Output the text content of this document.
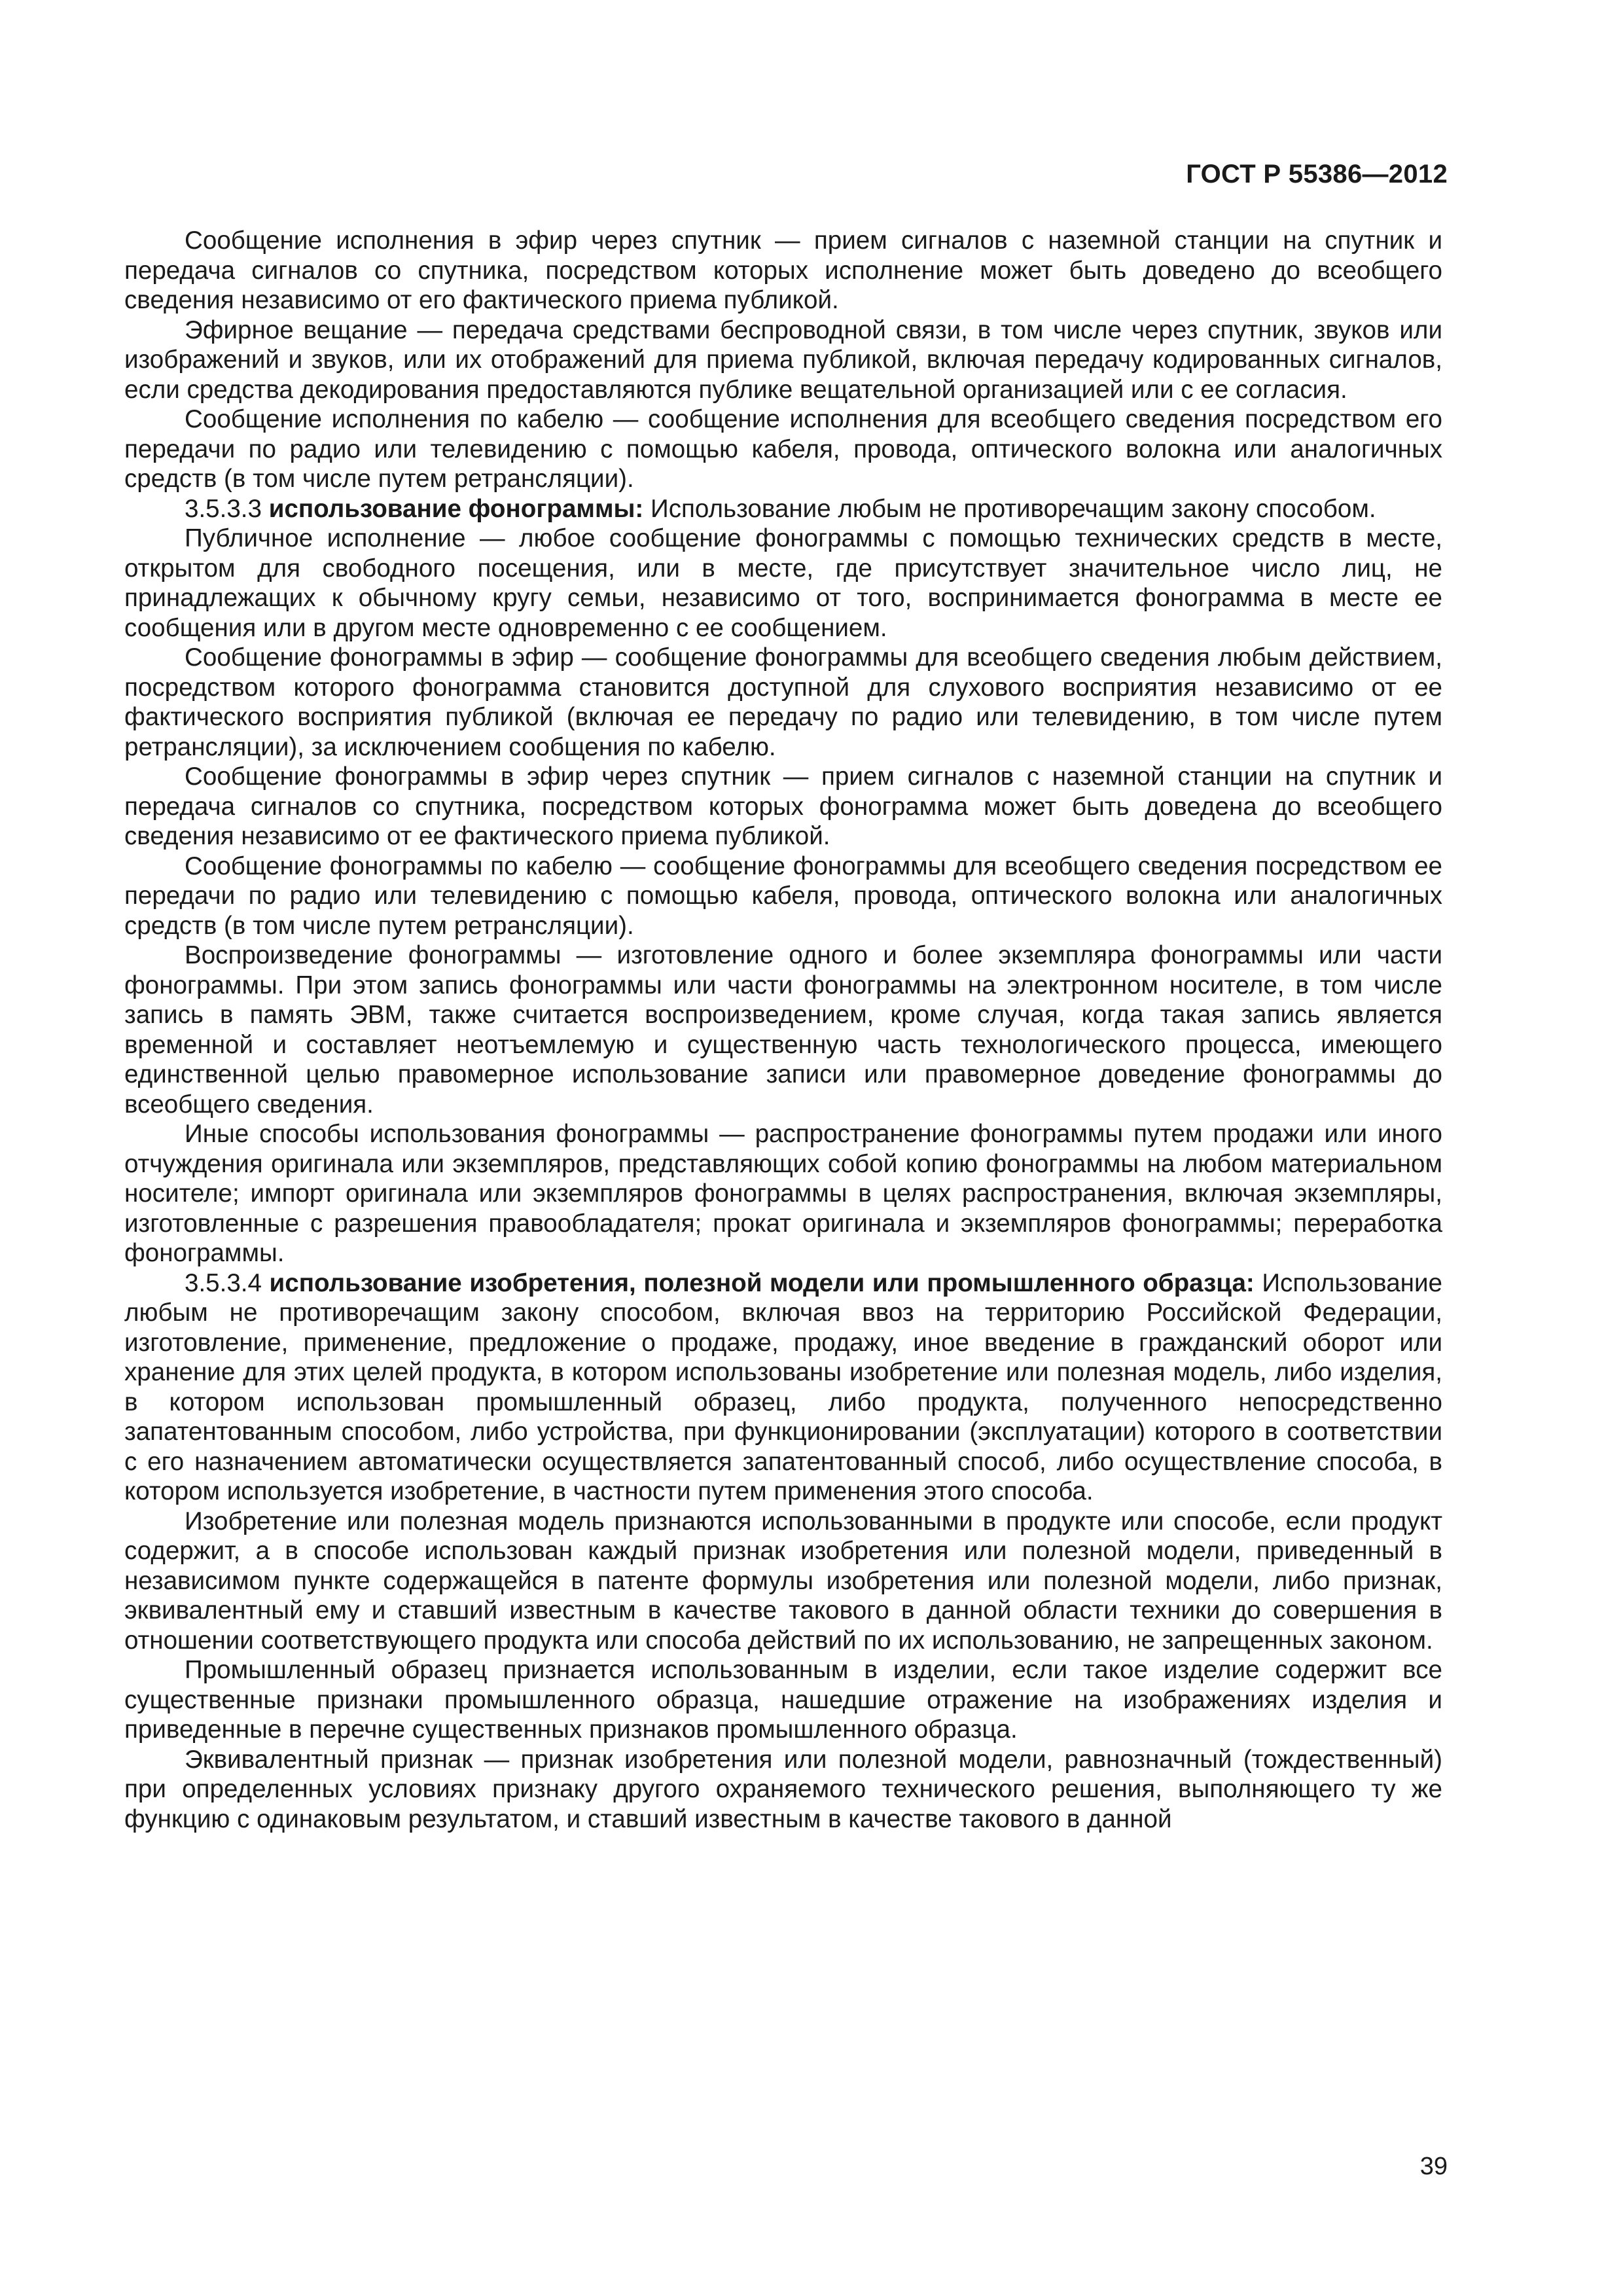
ГОСТ Р 55386—2012

Сообщение исполнения в эфир через спутник — прием сигналов с наземной станции на спутник и передача сигналов со спутника, посредством которых исполнение может быть доведено до всеобщего сведения независимо от его фактического приема публикой.

Эфирное вещание — передача средствами беспроводной связи, в том числе через спутник, звуков или изображений и звуков, или их отображений для приема публикой, включая передачу кодированных сигналов, если средства декодирования предоставляются публике вещательной организацией или с ее согласия.

Сообщение исполнения по кабелю — сообщение исполнения для всеобщего сведения посредством его передачи по радио или телевидению с помощью кабеля, провода, оптического волокна или аналогичных средств (в том числе путем ретрансляции).

3.5.3.3 использование фонограммы: Использование любым не противоречащим закону способом.

Публичное исполнение — любое сообщение фонограммы с помощью технических средств в месте, открытом для свободного посещения, или в месте, где присутствует значительное число лиц, не принадлежащих к обычному кругу семьи, независимо от того, воспринимается фонограмма в месте ее сообщения или в другом месте одновременно с ее сообщением.

Сообщение фонограммы в эфир — сообщение фонограммы для всеобщего сведения любым действием, посредством которого фонограмма становится доступной для слухового восприятия независимо от ее фактического восприятия публикой (включая ее передачу по радио или телевидению, в том числе путем ретрансляции), за исключением сообщения по кабелю.

Сообщение фонограммы в эфир через спутник — прием сигналов с наземной станции на спутник и передача сигналов со спутника, посредством которых фонограмма может быть доведена до всеобщего сведения независимо от ее фактического приема публикой.

Сообщение фонограммы по кабелю — сообщение фонограммы для всеобщего сведения посредством ее передачи по радио или телевидению с помощью кабеля, провода, оптического волокна или аналогичных средств (в том числе путем ретрансляции).

Воспроизведение фонограммы — изготовление одного и более экземпляра фонограммы или части фонограммы. При этом запись фонограммы или части фонограммы на электронном носителе, в том числе запись в память ЭВМ, также считается воспроизведением, кроме случая, когда такая запись является временной и составляет неотъемлемую и существенную часть технологического процесса, имеющего единственной целью правомерное использование записи или правомерное доведение фонограммы до всеобщего сведения.

Иные способы использования фонограммы — распространение фонограммы путем продажи или иного отчуждения оригинала или экземпляров, представляющих собой копию фонограммы на любом материальном носителе; импорт оригинала или экземпляров фонограммы в целях распространения, включая экземпляры, изготовленные с разрешения правообладателя; прокат оригинала и экземпляров фонограммы; переработка фонограммы.

3.5.3.4 использование изобретения, полезной модели или промышленного образца: Использование любым не противоречащим закону способом, включая ввоз на территорию Российской Федерации, изготовление, применение, предложение о продаже, продажу, иное введение в гражданский оборот или хранение для этих целей продукта, в котором использованы изобретение или полезная модель, либо изделия, в котором использован промышленный образец, либо продукта, полученного непосредственно запатентованным способом, либо устройства, при функционировании (эксплуатации) которого в соответствии с его назначением автоматически осуществляется запатентованный способ, либо осуществление способа, в котором используется изобретение, в частности путем применения этого способа.

Изобретение или полезная модель признаются использованными в продукте или способе, если продукт содержит, а в способе использован каждый признак изобретения или полезной модели, приведенный в независимом пункте содержащейся в патенте формулы изобретения или полезной модели, либо признак, эквивалентный ему и ставший известным в качестве такового в данной области техники до совершения в отношении соответствующего продукта или способа действий по их использованию, не запрещенных законом.

Промышленный образец признается использованным в изделии, если такое изделие содержит все существенные признаки промышленного образца, нашедшие отражение на изображениях изделия и приведенные в перечне существенных признаков промышленного образца.

Эквивалентный признак — признак изобретения или полезной модели, равнозначный (тождественный) при определенных условиях признаку другого охраняемого технического решения, выполняющего ту же функцию с одинаковым результатом, и ставший известным в качестве такового в данной

39
